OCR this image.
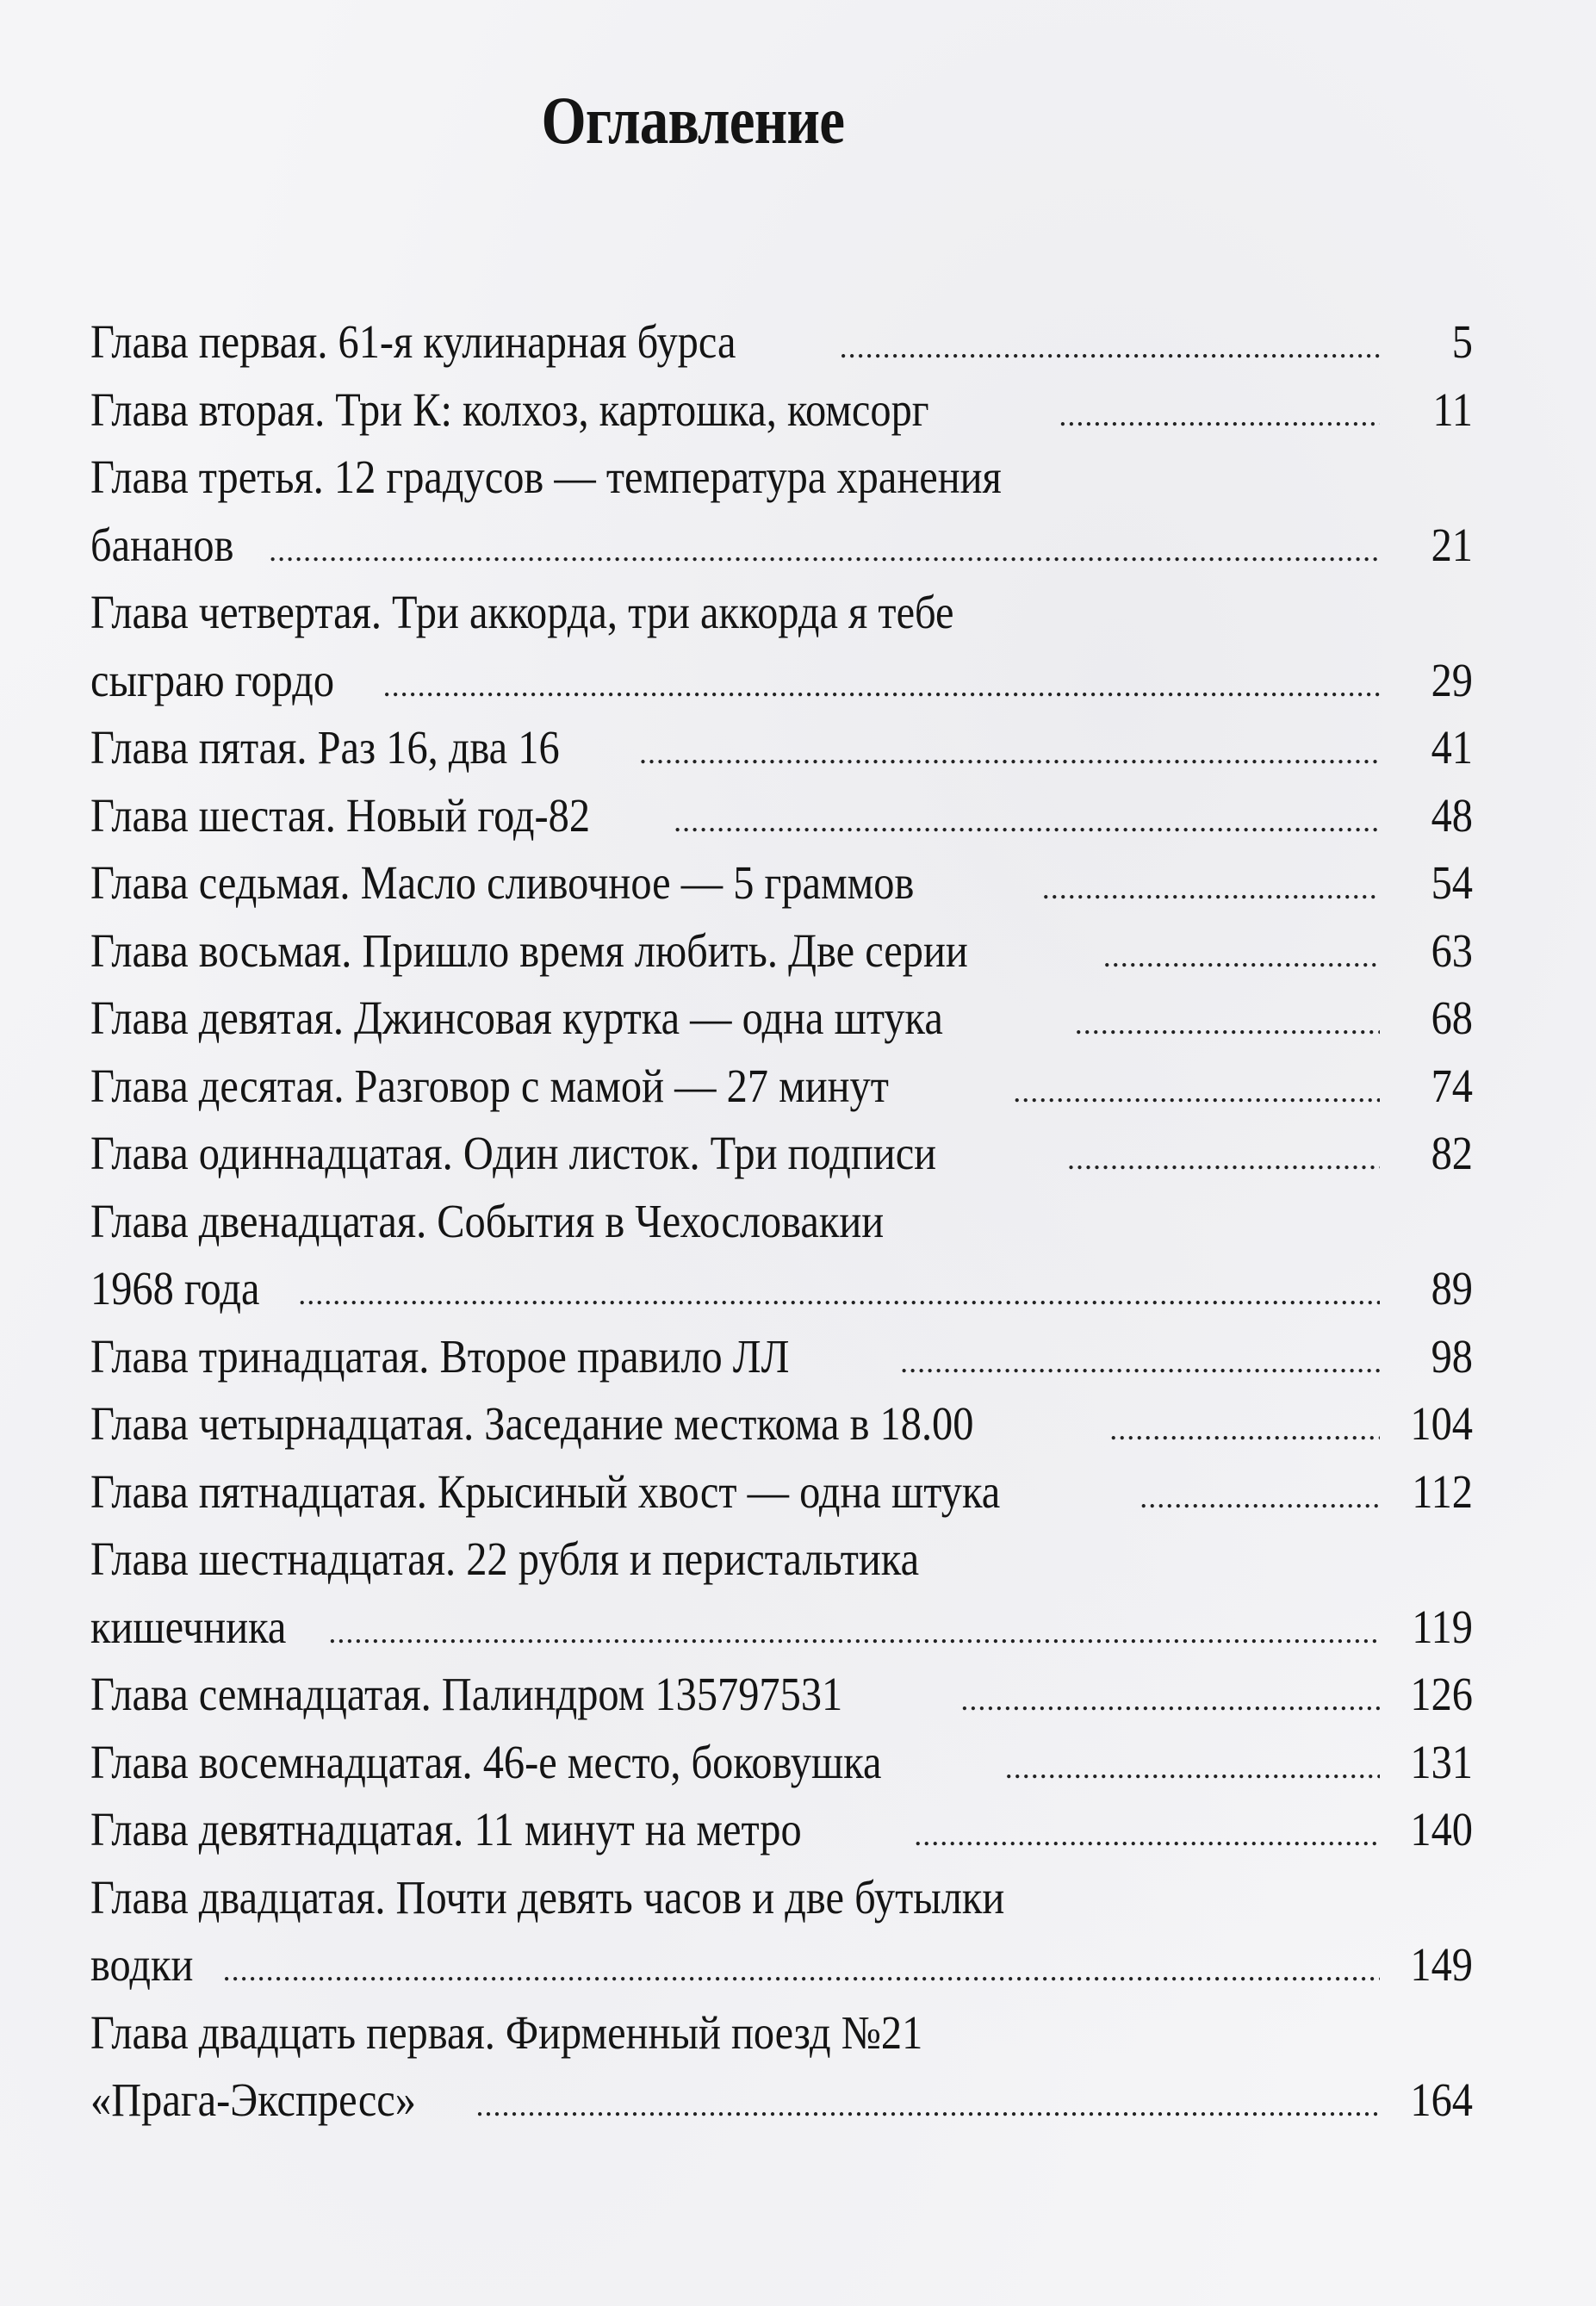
Оглавление
Глава первая. 61-я кулинарная бурса . . .	5
Глава вторая. Три К: колхоз, картошка, комсорг . . .	11
Глава третья. 12 градусов — температура хранения
бананов . . .	21
Глава четвертая. Три аккорда, три аккорда я тебе
сыграю гордо . . .	29
Глава пятая. Раз 16, два 16 . . .	41
Глава шестая. Новый год-82 . . .	48
Глава седьмая. Масло сливочное — 5 граммов . . .	54
Глава восьмая. Пришло время любить. Две серии . . .	63
Глава девятая. Джинсовая куртка — одна штука . . .	68
Глава десятая. Разговор с мамой — 27 минут . . .	74
Глава одиннадцатая. Один листок. Три подписи . . .	82
Глава двенадцатая. События в Чехословакии
1968 года . . .	89
Глава тринадцатая. Второе правило ЛЛ . . .	98
Глава четырнадцатая. Заседание месткома в 18.00 . . .	104
Глава пятнадцатая. Крысиный хвост — одна штука . . .	112
Глава шестнадцатая. 22 рубля и перистальтика
кишечника . . .	119
Глава семнадцатая. Палиндром 135797531 . . .	126
Глава восемнадцатая. 46-е место, боковушка . . .	131
Глава девятнадцатая. 11 минут на метро . . .	140
Глава двадцатая. Почти девять часов и две бутылки
водки . . .	149
Глава двадцать первая. Фирменный поезд №21
«Прага-Экспресс» . . .	164
